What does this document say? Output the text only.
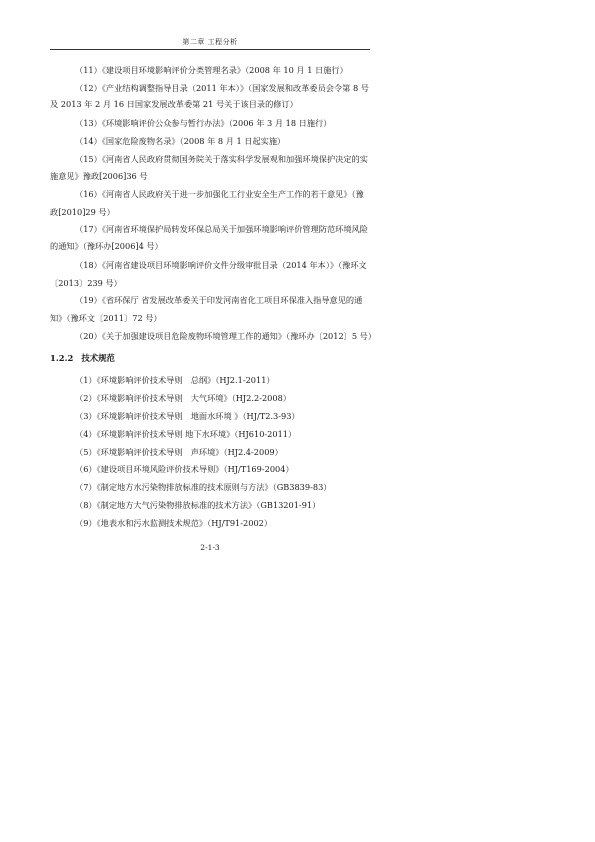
第二章 工程分析
（11）《建设项目环境影响评价分类管理名录》（2008 年 10 月 1 日施行）
（12）《产业结构调整指导目录（2011 年本）》（国家发展和改革委员会令第 8 号
及 2013 年 2 月 16 日国家发展改革委第 21 号关于该目录的修订）
（13）《环境影响评价公众参与暂行办法》（2006 年 3 月 18 日施行）
（14）《国家危险废物名录》（2008 年 8 月 1 日起实施）
（15）《河南省人民政府贯彻国务院关于落实科学发展观和加强环境保护决定的实
施意见》豫政[2006]36 号
（16）《河南省人民政府关于进一步加强化工行业安全生产工作的若干意见》（豫
政[2010]29 号）
（17）《河南省环境保护局转发环保总局关于加强环境影响评价管理防范环境风险
的通知》（豫环办[2006]4 号）
（18）《河南省建设项目环境影响评价文件分级审批目录（2014 年本）》（豫环文
〔2013〕239 号）
（19）《省环保厅 省发展改革委关于印发河南省化工项目环保准入指导意见的通
知》（豫环文〔2011〕72 号）
（20）《关于加强建设项目危险废物环境管理工作的通知》（豫环办〔2012〕5 号）
1.2.2 技术规范
（1）《环境影响评价技术导则　总纲》（HJ2.1-2011）
（2）《环境影响评价技术导则　大气环境》（HJ2.2-2008）
（3）《环境影响评价技术导则　地面水环境 》（HJ/T2.3-93）
（4）《环境影响评价技术导则 地下水环境》（HJ610-2011）
（5）《环境影响评价技术导则　声环境》（HJ2.4-2009）
（6）《建设项目环境风险评价技术导则》（HJ/T169-2004）
（7）《制定地方水污染物排放标准的技术原则与方法》（GB3839-83）
（8）《制定地方大气污染物排放标准的技术方法》（GB13201-91）
（9）《地表水和污水监测技术规范》（HJ/T91-2002）
2-1-3
